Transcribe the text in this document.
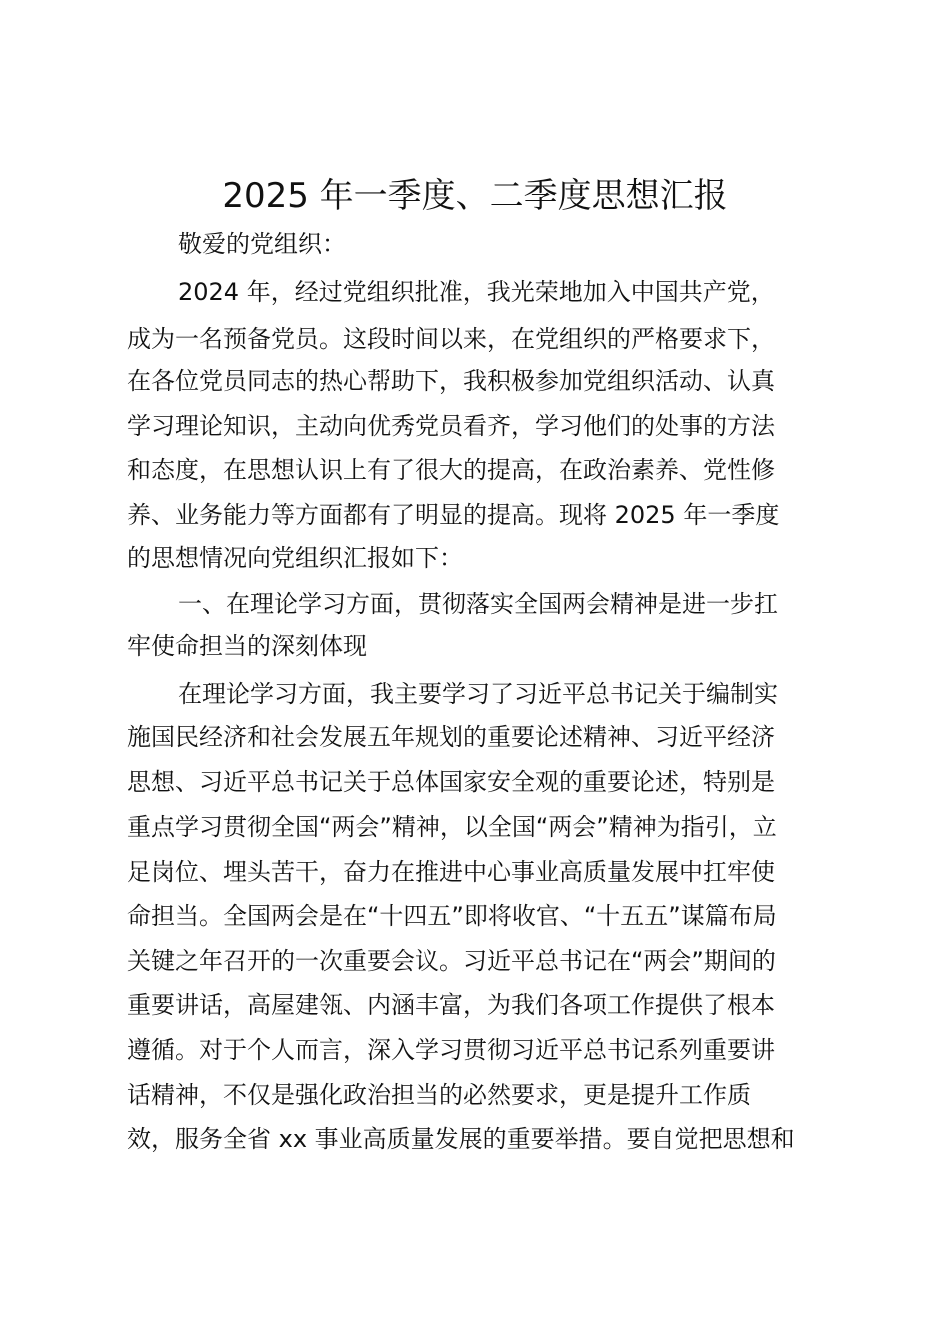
2025 年一季度、二季度思想汇报
敬爱的党组织：
2024 年，经过党组织批准，我光荣地加入中国共产党，
成为一名预备党员。这段时间以来，在党组织的严格要求下，
在各位党员同志的热心帮助下，我积极参加党组织活动、认真
学习理论知识，主动向优秀党员看齐，学习他们的处事的方法
和态度，在思想认识上有了很大的提高，在政治素养、党性修
养、业务能力等方面都有了明显的提高。现将 2025 年一季度
的思想情况向党组织汇报如下：
一、在理论学习方面，贯彻落实全国两会精神是进一步扛
牢使命担当的深刻体现
在理论学习方面，我主要学习了习近平总书记关于编制实
施国民经济和社会发展五年规划的重要论述精神、习近平经济
思想、习近平总书记关于总体国家安全观的重要论述，特别是
重点学习贯彻全国“两会”精神，以全国“两会”精神为指引，立
足岗位、埋头苦干，奋力在推进中心事业高质量发展中扛牢使
命担当。全国两会是在“十四五”即将收官、“十五五”谋篇布局
关键之年召开的一次重要会议。习近平总书记在“两会”期间的
重要讲话，高屋建瓴、内涵丰富，为我们各项工作提供了根本
遵循。对于个人而言，深入学习贯彻习近平总书记系列重要讲
话精神，不仅是强化政治担当的必然要求，更是提升工作质
效，服务全省 xx 事业高质量发展的重要举措。要自觉把思想和
